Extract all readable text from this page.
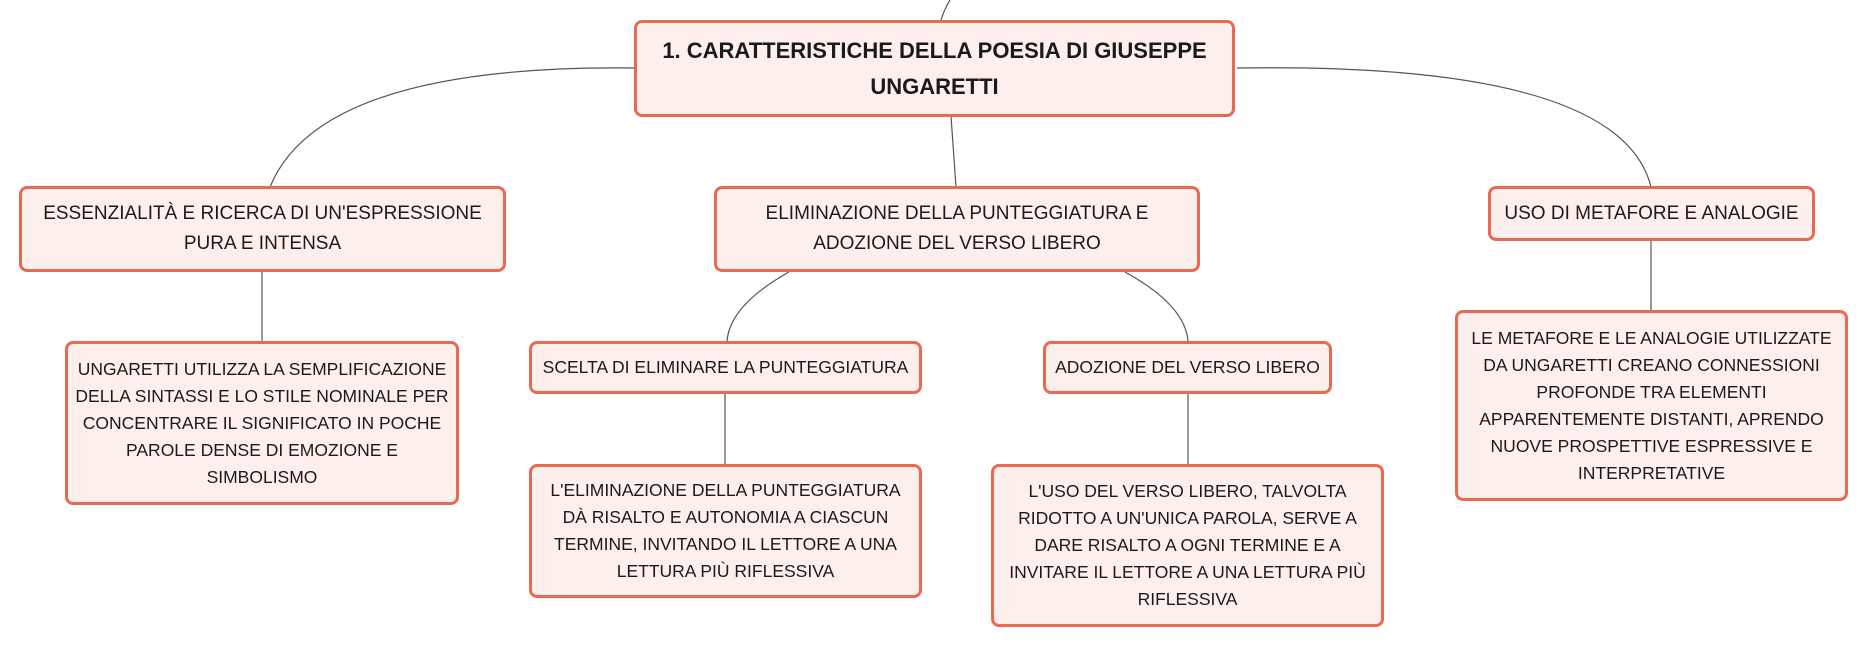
1. CARATTERISTICHE DELLA POESIA DI GIUSEPPE UNGARETTI
ESSENZIALITÀ E RICERCA DI UN'ESPRESSIONE PURA E INTENSA
ELIMINAZIONE DELLA PUNTEGGIATURA E ADOZIONE DEL VERSO LIBERO
USO DI METAFORE E ANALOGIE
UNGARETTI UTILIZZA LA SEMPLIFICAZIONE DELLA SINTASSI E LO STILE NOMINALE PER CONCENTRARE IL SIGNIFICATO IN POCHE PAROLE DENSE DI EMOZIONE E SIMBOLISMO
SCELTA DI ELIMINARE LA PUNTEGGIATURA	ADOZIONE DEL VERSO LIBERO
L'ELIMINAZIONE DELLA PUNTEGGIATURA DÀ RISALTO E AUTONOMIA A CIASCUN TERMINE, INVITANDO IL LETTORE A UNA LETTURA PIÙ RIFLESSIVA
L'USO DEL VERSO LIBERO, TALVOLTA RIDOTTO A UN'UNICA PAROLA, SERVE A DARE RISALTO A OGNI TERMINE E A INVITARE IL LETTORE A UNA LETTURA PIÙ RIFLESSIVA
LE METAFORE E LE ANALOGIE UTILIZZATE DA UNGARETTI CREANO CONNESSIONI PROFONDE TRA ELEMENTI APPARENTEMENTE DISTANTI, APRENDO NUOVE PROSPETTIVE ESPRESSIVE E INTERPRETATIVE
